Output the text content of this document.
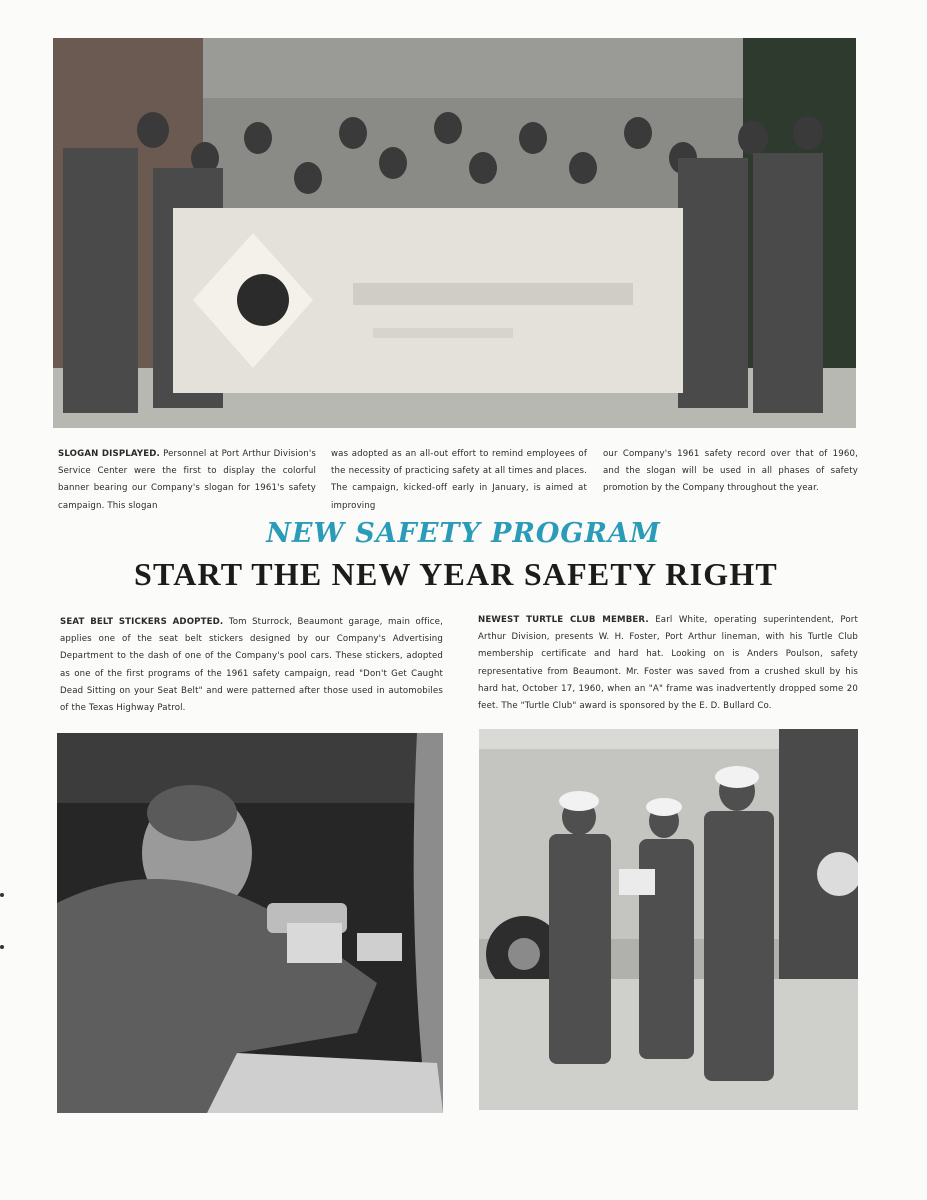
SLOGAN DISPLAYED. Personnel at Port Arthur Division's Service Center were the first to display the colorful banner bearing our Company's slogan for 1961's safety campaign. This slogan
was adopted as an all-out effort to remind employees of the necessity of practicing safety at all times and places. The campaign, kicked-off early in January, is aimed at improving
our Company's 1961 safety record over that of 1960, and the slogan will be used in all phases of safety promotion by the Company throughout the year.
NEW SAFETY PROGRAM
START THE NEW YEAR SAFETY RIGHT
SEAT BELT STICKERS ADOPTED. Tom Sturrock, Beaumont garage, main office, applies one of the seat belt stickers designed by our Company's Advertising Department to the dash of one of the Company's pool cars. These stickers, adopted as one of the first programs of the 1961 safety campaign, read "Don't Get Caught Dead Sitting on your Seat Belt" and were patterned after those used in automobiles of the Texas Highway Patrol.
NEWEST TURTLE CLUB MEMBER. Earl White, operating superintendent, Port Arthur Division, presents W. H. Foster, Port Arthur lineman, with his Turtle Club membership certificate and hard hat. Looking on is Anders Poulson, safety representative from Beaumont. Mr. Foster was saved from a crushed skull by his hard hat, October 17, 1960, when an "A" frame was inadvertently dropped some 20 feet. The "Turtle Club" award is sponsored by the E. D. Bullard Co.
